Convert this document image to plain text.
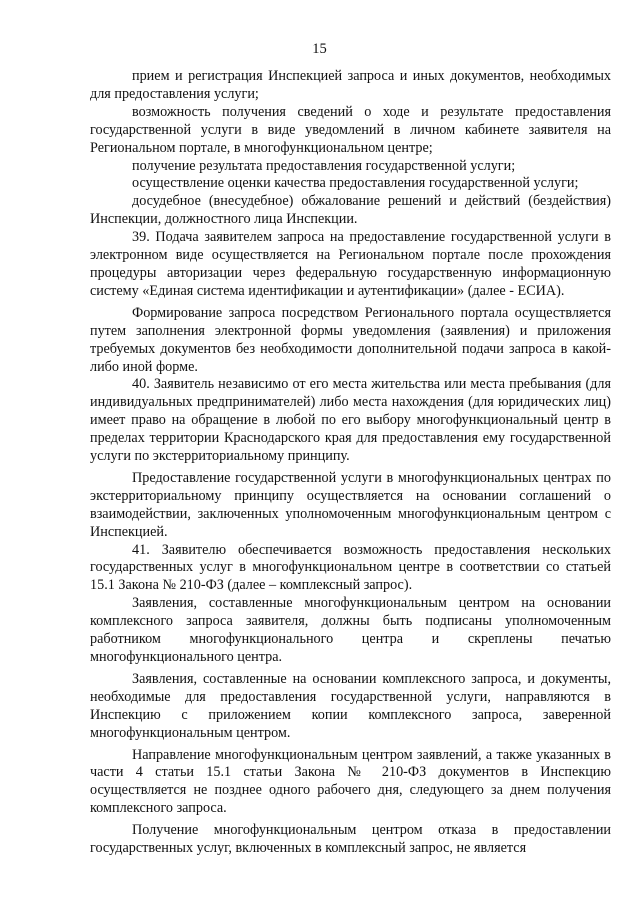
15

прием и регистрация Инспекцией запроса и иных документов, необходимых для предоставления услуги;

возможность получения сведений о ходе и результате предоставления государственной услуги в виде уведомлений в личном кабинете заявителя на Региональном портале, в многофункциональном центре;

получение результата предоставления государственной услуги;

осуществление оценки качества предоставления государственной услуги;

досудебное (внесудебное) обжалование решений и действий (бездействия) Инспекции, должностного лица Инспекции.

39. Подача заявителем запроса на предоставление государственной услуги в электронном виде осуществляется на Региональном портале после прохождения процедуры авторизации через федеральную государственную информационную систему «Единая система идентификации и аутентификации» (далее - ЕСИА).

Формирование запроса посредством Регионального портала осуществляется путем заполнения электронной формы уведомления (заявления) и приложения требуемых документов без необходимости дополнительной подачи запроса в какой-либо иной форме.

40. Заявитель независимо от его места жительства или места пребывания (для индивидуальных предпринимателей) либо места нахождения (для юридических лиц) имеет право на обращение в любой по его выбору многофункциональный центр в пределах территории Краснодарского края для предоставления ему государственной услуги по экстерриториальному принципу.

Предоставление государственной услуги в многофункциональных центрах по экстерриториальному принципу осуществляется на основании соглашений о взаимодействии, заключенных уполномоченным многофункциональным центром с Инспекцией.

41. Заявителю обеспечивается возможность предоставления нескольких государственных услуг в многофункциональном центре в соответствии со статьей 15.1 Закона № 210-ФЗ (далее – комплексный запрос).

Заявления, составленные многофункциональным центром на основании комплексного запроса заявителя, должны быть подписаны уполномоченным работником многофункционального центра и скреплены печатью многофункционального центра.

Заявления, составленные на основании комплексного запроса, и документы, необходимые для предоставления государственной услуги, направляются в Инспекцию с приложением копии комплексного запроса, заверенной многофункциональным центром.

Направление многофункциональным центром заявлений, а также указанных в части 4 статьи 15.1 статьи Закона № 210-ФЗ документов в Инспекцию осуществляется не позднее одного рабочего дня, следующего за днем получения комплексного запроса.

Получение многофункциональным центром отказа в предоставлении государственных услуг, включенных в комплексный запрос, не является
